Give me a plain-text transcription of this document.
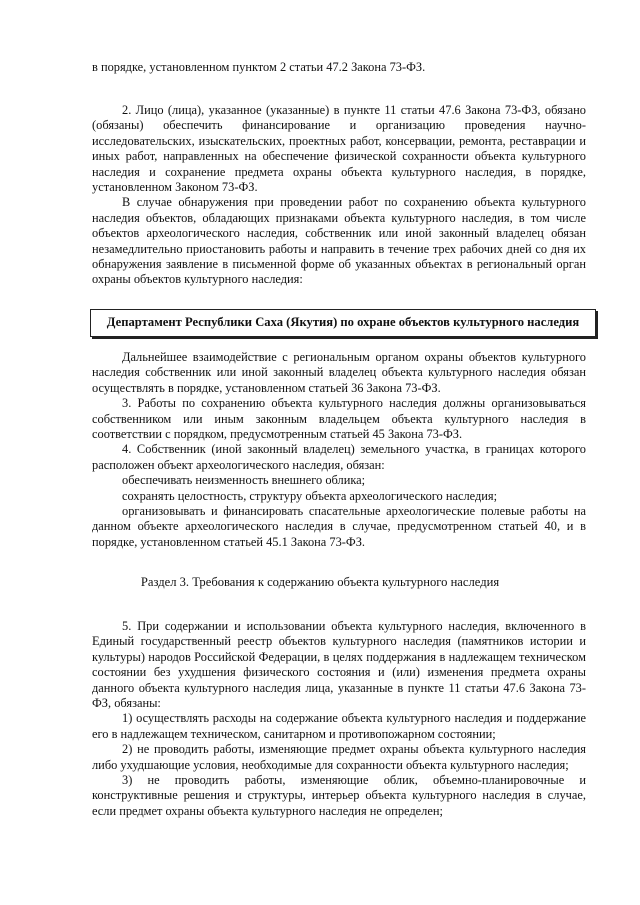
в порядке, установленном пунктом 2 статьи 47.2 Закона 73-ФЗ.

2. Лицо (лица), указанное (указанные) в пункте 11 статьи 47.6 Закона 73-ФЗ, обязано (обязаны) обеспечить финансирование и организацию проведения научно-исследовательских, изыскательских, проектных работ, консервации, ремонта, реставрации и иных работ, направленных на обеспечение физической сохранности объекта культурного наследия и сохранение предмета охраны объекта культурного наследия, в порядке, установленном Законом 73-ФЗ.

В случае обнаружения при проведении работ по сохранению объекта культурного наследия объектов, обладающих признаками объекта культурного наследия, в том числе объектов археологического наследия, собственник или иной законный владелец обязан незамедлительно приостановить работы и направить в течение трех рабочих дней со дня их обнаружения заявление в письменной форме об указанных объектах в региональный орган охраны объектов культурного наследия:

Департамент Республики Саха (Якутия) по охране объектов культурного наследия

Дальнейшее взаимодействие с региональным органом охраны объектов культурного наследия собственник или иной законный владелец объекта культурного наследия обязан осуществлять в порядке, установленном статьей 36 Закона 73-ФЗ.

3. Работы по сохранению объекта культурного наследия должны организовываться собственником или иным законным владельцем объекта культурного наследия в соответствии с порядком, предусмотренным статьей 45 Закона 73-ФЗ.

4. Собственник (иной законный владелец) земельного участка, в границах которого расположен объект археологического наследия, обязан:

обеспечивать неизменность внешнего облика;

сохранять целостность, структуру объекта археологического наследия;

организовывать и финансировать спасательные археологические полевые работы на данном объекте археологического наследия в случае, предусмотренном статьей 40, и в порядке, установленном статьей 45.1 Закона 73-ФЗ.

Раздел 3. Требования к содержанию объекта культурного наследия

5. При содержании и использовании объекта культурного наследия, включенного в Единый государственный реестр объектов культурного наследия (памятников истории и культуры) народов Российской Федерации, в целях поддержания в надлежащем техническом состоянии без ухудшения физического состояния и (или) изменения предмета охраны данного объекта культурного наследия лица, указанные в пункте 11 статьи 47.6 Закона 73-ФЗ, обязаны:

1) осуществлять расходы на содержание объекта культурного наследия и поддержание его в надлежащем техническом, санитарном и противопожарном состоянии;

2) не проводить работы, изменяющие предмет охраны объекта культурного наследия либо ухудшающие условия, необходимые для сохранности объекта культурного наследия;

3) не проводить работы, изменяющие облик, объемно-планировочные и конструктивные решения и структуры, интерьер объекта культурного наследия в случае, если предмет охраны объекта культурного наследия не определен;
